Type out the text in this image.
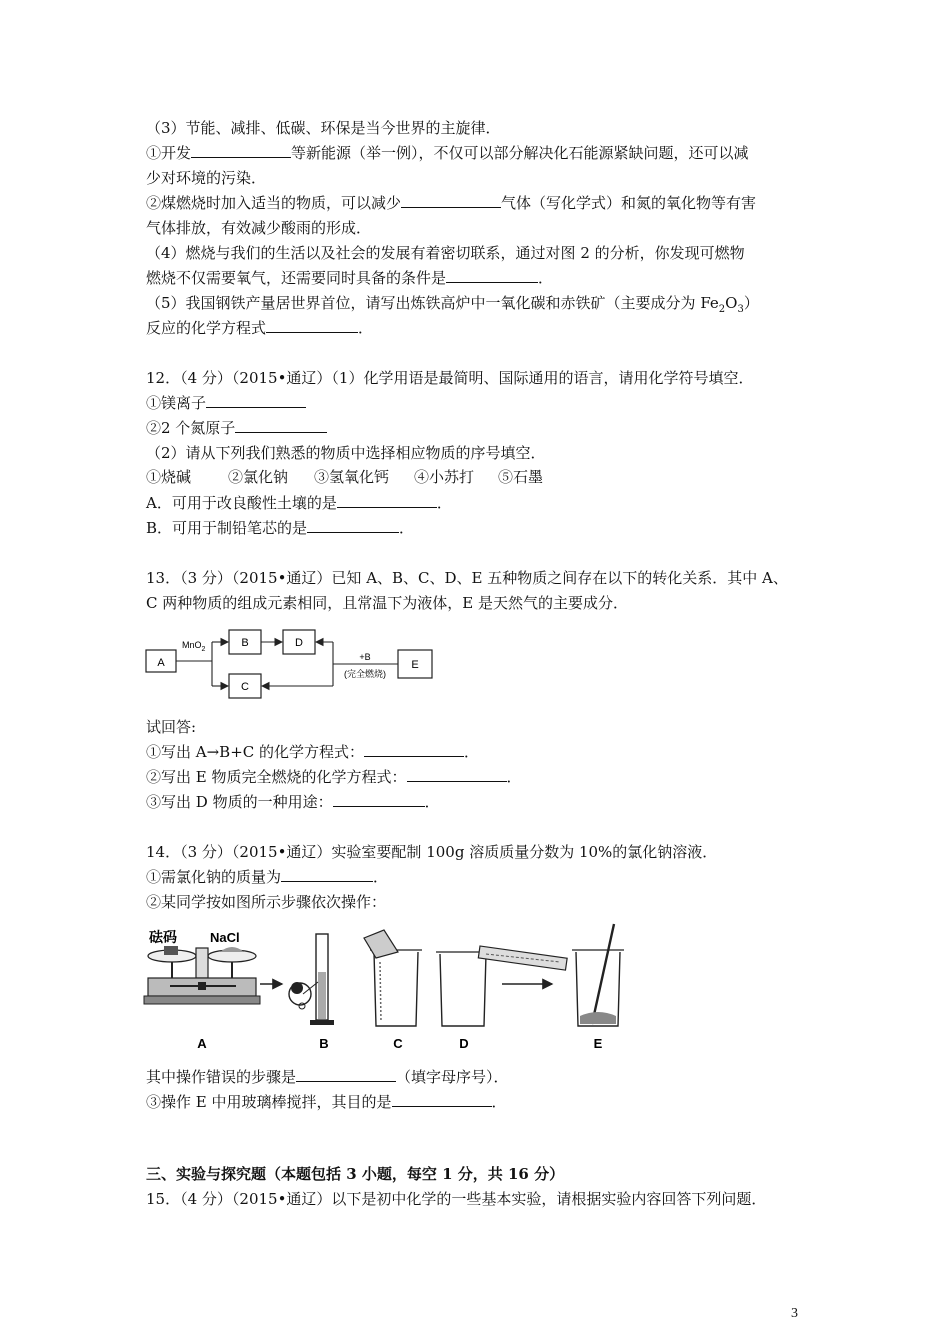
（3）节能、减排、低碳、环保是当今世界的主旋律．
①开发	等新能源（举一例），不仅可以部分解决化石能源紧缺问题，还可以减
少对环境的污染．
②煤燃烧时加入适当的物质，可以减少	气体（写化学式）和氮的氧化物等有害
气体排放，有效减少酸雨的形成．
（4）燃烧与我们的生活以及社会的发展有着密切联系，通过对图 2 的分析，你发现可燃物
燃烧不仅需要氧气，还需要同时具备的条件是	．
（5）我国钢铁产量居世界首位，请写出炼铁高炉中一氧化碳和赤铁矿（主要成分为 $Fe_2O_3$）
反应的化学方程式	．
12．（4 分）（2015•通辽）（1）化学用语是最简明、国际通用的语言，请用化学符号填空．
①镁离子
②2 个氮原子
（2）请从下列我们熟悉的物质中选择相应物质的序号填空．
①烧碱 ②氯化钠 ③氢氧化钙 ④小苏打 ⑤石墨
A．可用于改良酸性土壤的是	．
B．可用于制铅笔芯的是	．
13．（3 分）（2015•通辽）已知 A、B、C、D、E 五种物质之间存在以下的转化关系．其中 A、
C 两种物质的组成元素相同，且常温下为液体，E 是天然气的主要成分．
A
B	D
C
E
MnO$_2$
+B
(完全燃烧)
试回答:
①写出 A→B+C 的化学方程式：	．
②写出 E 物质完全燃烧的化学方程式：	．
③写出 D 物质的一种用途：	．
14．（3 分）（2015•通辽）实验室要配制 100g 溶质质量分数为 10%的氯化钠溶液．
①需氯化钠的质量为	．
②某同学按如图所示步骤依次操作：
砝码	NaCl
A	B	C	D	E
其中操作错误的步骤是	（填字母序号）．
③操作 E 中用玻璃棒搅拌，其目的是	．
三、实验与探究题（本题包括 3 小题，每空 1 分，共 16 分）
15．（4 分）（2015•通辽）以下是初中化学的一些基本实验，请根据实验内容回答下列问题．
3
